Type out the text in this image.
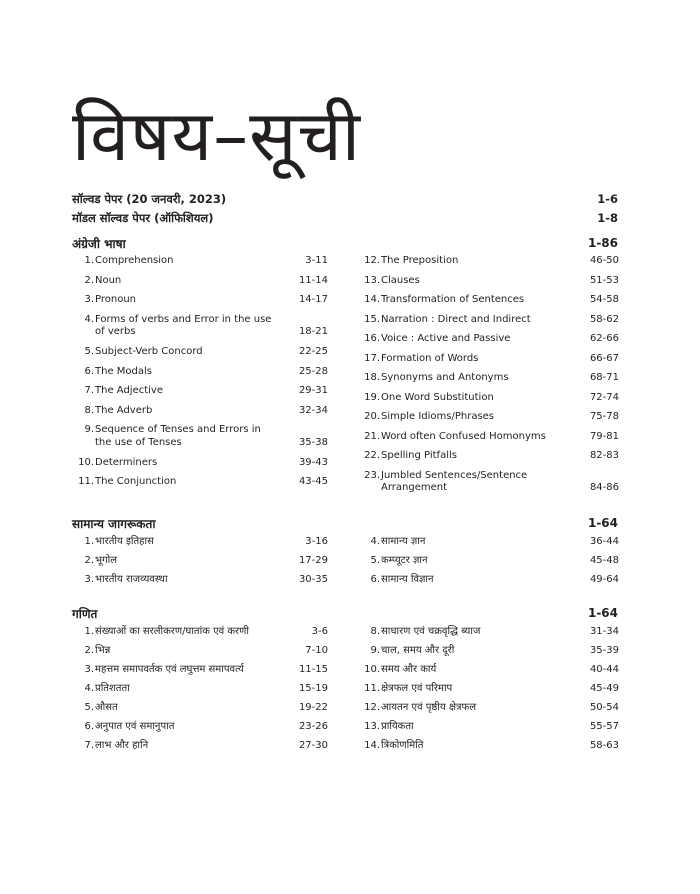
विषय–सूची
सॉल्वड पेपर (20 जनवरी, 2023)	1-6
मॉडल सॉल्वड पेपर (ऑफिशियल)	1-8
अंग्रेजी भाषा	1-86
1. Comprehension	3-11
2. Noun	11-14
3. Pronoun	14-17
4. Forms of verbs and Error in the use of verbs	18-21
5. Subject-Verb Concord	22-25
6. The Modals	25-28
7. The Adjective	29-31
8. The Adverb	32-34
9. Sequence of Tenses and Errors in the use of Tenses	35-38
10. Determiners	39-43
11. The Conjunction	43-45
12. The Preposition	46-50
13. Clauses	51-53
14. Transformation of Sentences	54-58
15. Narration : Direct and Indirect	58-62
16. Voice : Active and Passive	62-66
17. Formation of Words	66-67
18. Synonyms and Antonyms	68-71
19. One Word Substitution	72-74
20. Simple Idioms/Phrases	75-78
21. Word often Confused Homonyms	79-81
22. Spelling Pitfalls	82-83
23. Jumbled Sentences/Sentence Arrangement	84-86
सामान्य जागरूकता	1-64
1. भारतीय इतिहास	3-16
2. भूगोल	17-29
3. भारतीय राजव्यवस्था	30-35
4. सामान्य ज्ञान	36-44
5. कम्प्यूटर ज्ञान	45-48
6. सामान्य विज्ञान	49-64
गणित	1-64
1. संख्याओं का सरलीकरण/घातांक एवं करणी	3-6
2. भिन्न	7-10
3. महत्तम समापवर्तक एवं लघुत्तम समापवर्त्य	11-15
4. प्रतिशतता	15-19
5. औसत	19-22
6. अनुपात एवं समानुपात	23-26
7. लाभ और हानि	27-30
8. साधारण एवं चक्रवृद्धि ब्याज	31-34
9. चाल, समय और दूरी	35-39
10. समय और कार्य	40-44
11. क्षेत्रफल एवं परिमाप	45-49
12. आयतन एवं पृष्ठीय क्षेत्रफल	50-54
13. प्रायिकता	55-57
14. त्रिकोणमिति	58-63
